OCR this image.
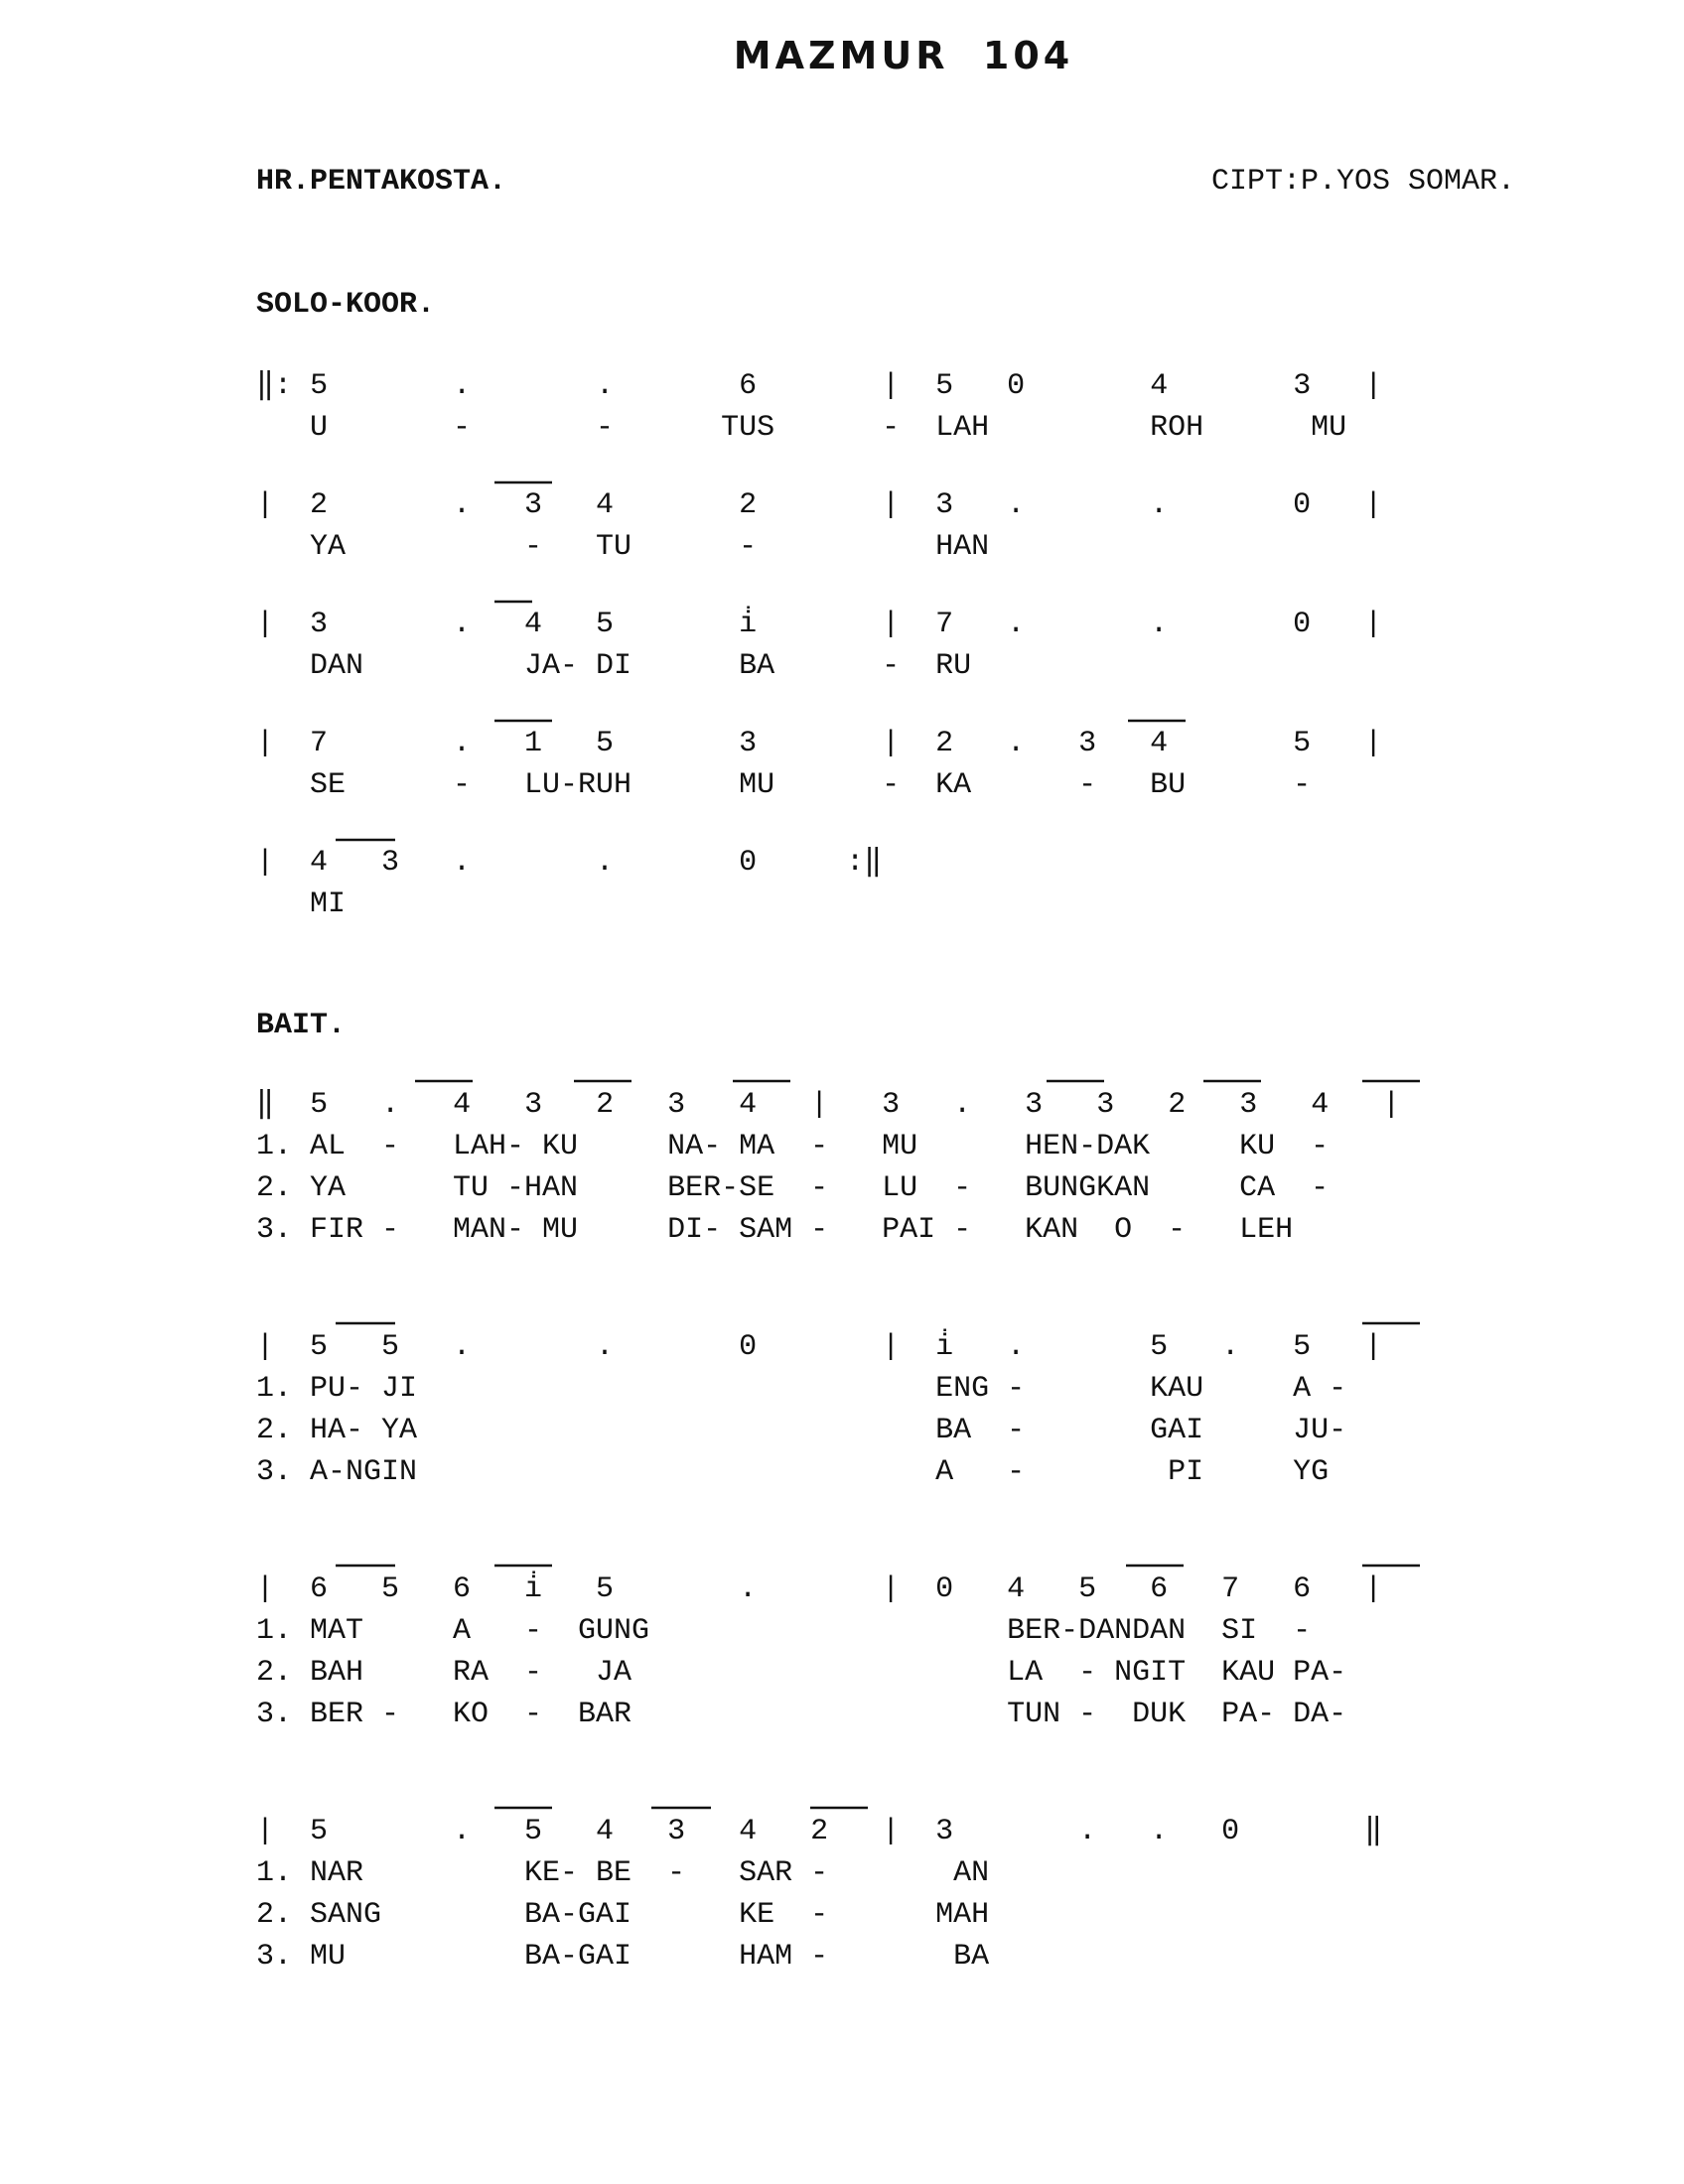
MAZMUR  104
HR.PENTAKOSTA.	CIPT:P.YOS SOMAR.
SOLO-KOOR.
‖: 5       .       .       6       |  5   0       4       3   |
U       -       -      TUS      -  LAH         ROH      MU
|  2       .   3   4       2       |  3   .       .       0   |
YA          -   TU      -          HAN
|  3       .   4   5       i̇       |  7   .       .       0   |
DAN         JA- DI      BA      -  RU
|  7       .   1   5       3       |  2   .   3   4       5   |
SE      -   LU-RUH      MU      -  KA      -   BU      -
|  4   3   .       .       0     :‖
MI
BAIT.
‖  5   .   4   3   2   3   4   |   3   .   3   3   2   3   4   |
1. AL  -   LAH- KU     NA- MA  -   MU      HEN-DAK     KU  -
2. YA      TU -HAN     BER-SE  -   LU  -   BUNGKAN     CA  -
3. FIR -   MAN- MU     DI- SAM -   PAI -   KAN  O  -   LEH
|  5   5   .       .       0       |  i̇   .       5   .   5   |
1. PU- JI                             ENG -       KAU     A -
2. HA- YA                             BA  -       GAI     JU-
3. A-NGIN                             A   -        PI     YG
|  6   5   6   i̇   5       .       |  0   4   5   6   7   6   |
1. MAT     A   -  GUNG                    BER-DANDAN  SI  -
2. BAH     RA  -   JA                     LA  - NGIT  KAU PA-
3. BER -   KO  -  BAR                     TUN -  DUK  PA- DA-
|  5       .   5   4   3   4   2   |  3       .   .   0       ‖
1. NAR         KE- BE  -   SAR -       AN
2. SANG        BA-GAI      KE  -      MAH
3. MU          BA-GAI      HAM -       BA
